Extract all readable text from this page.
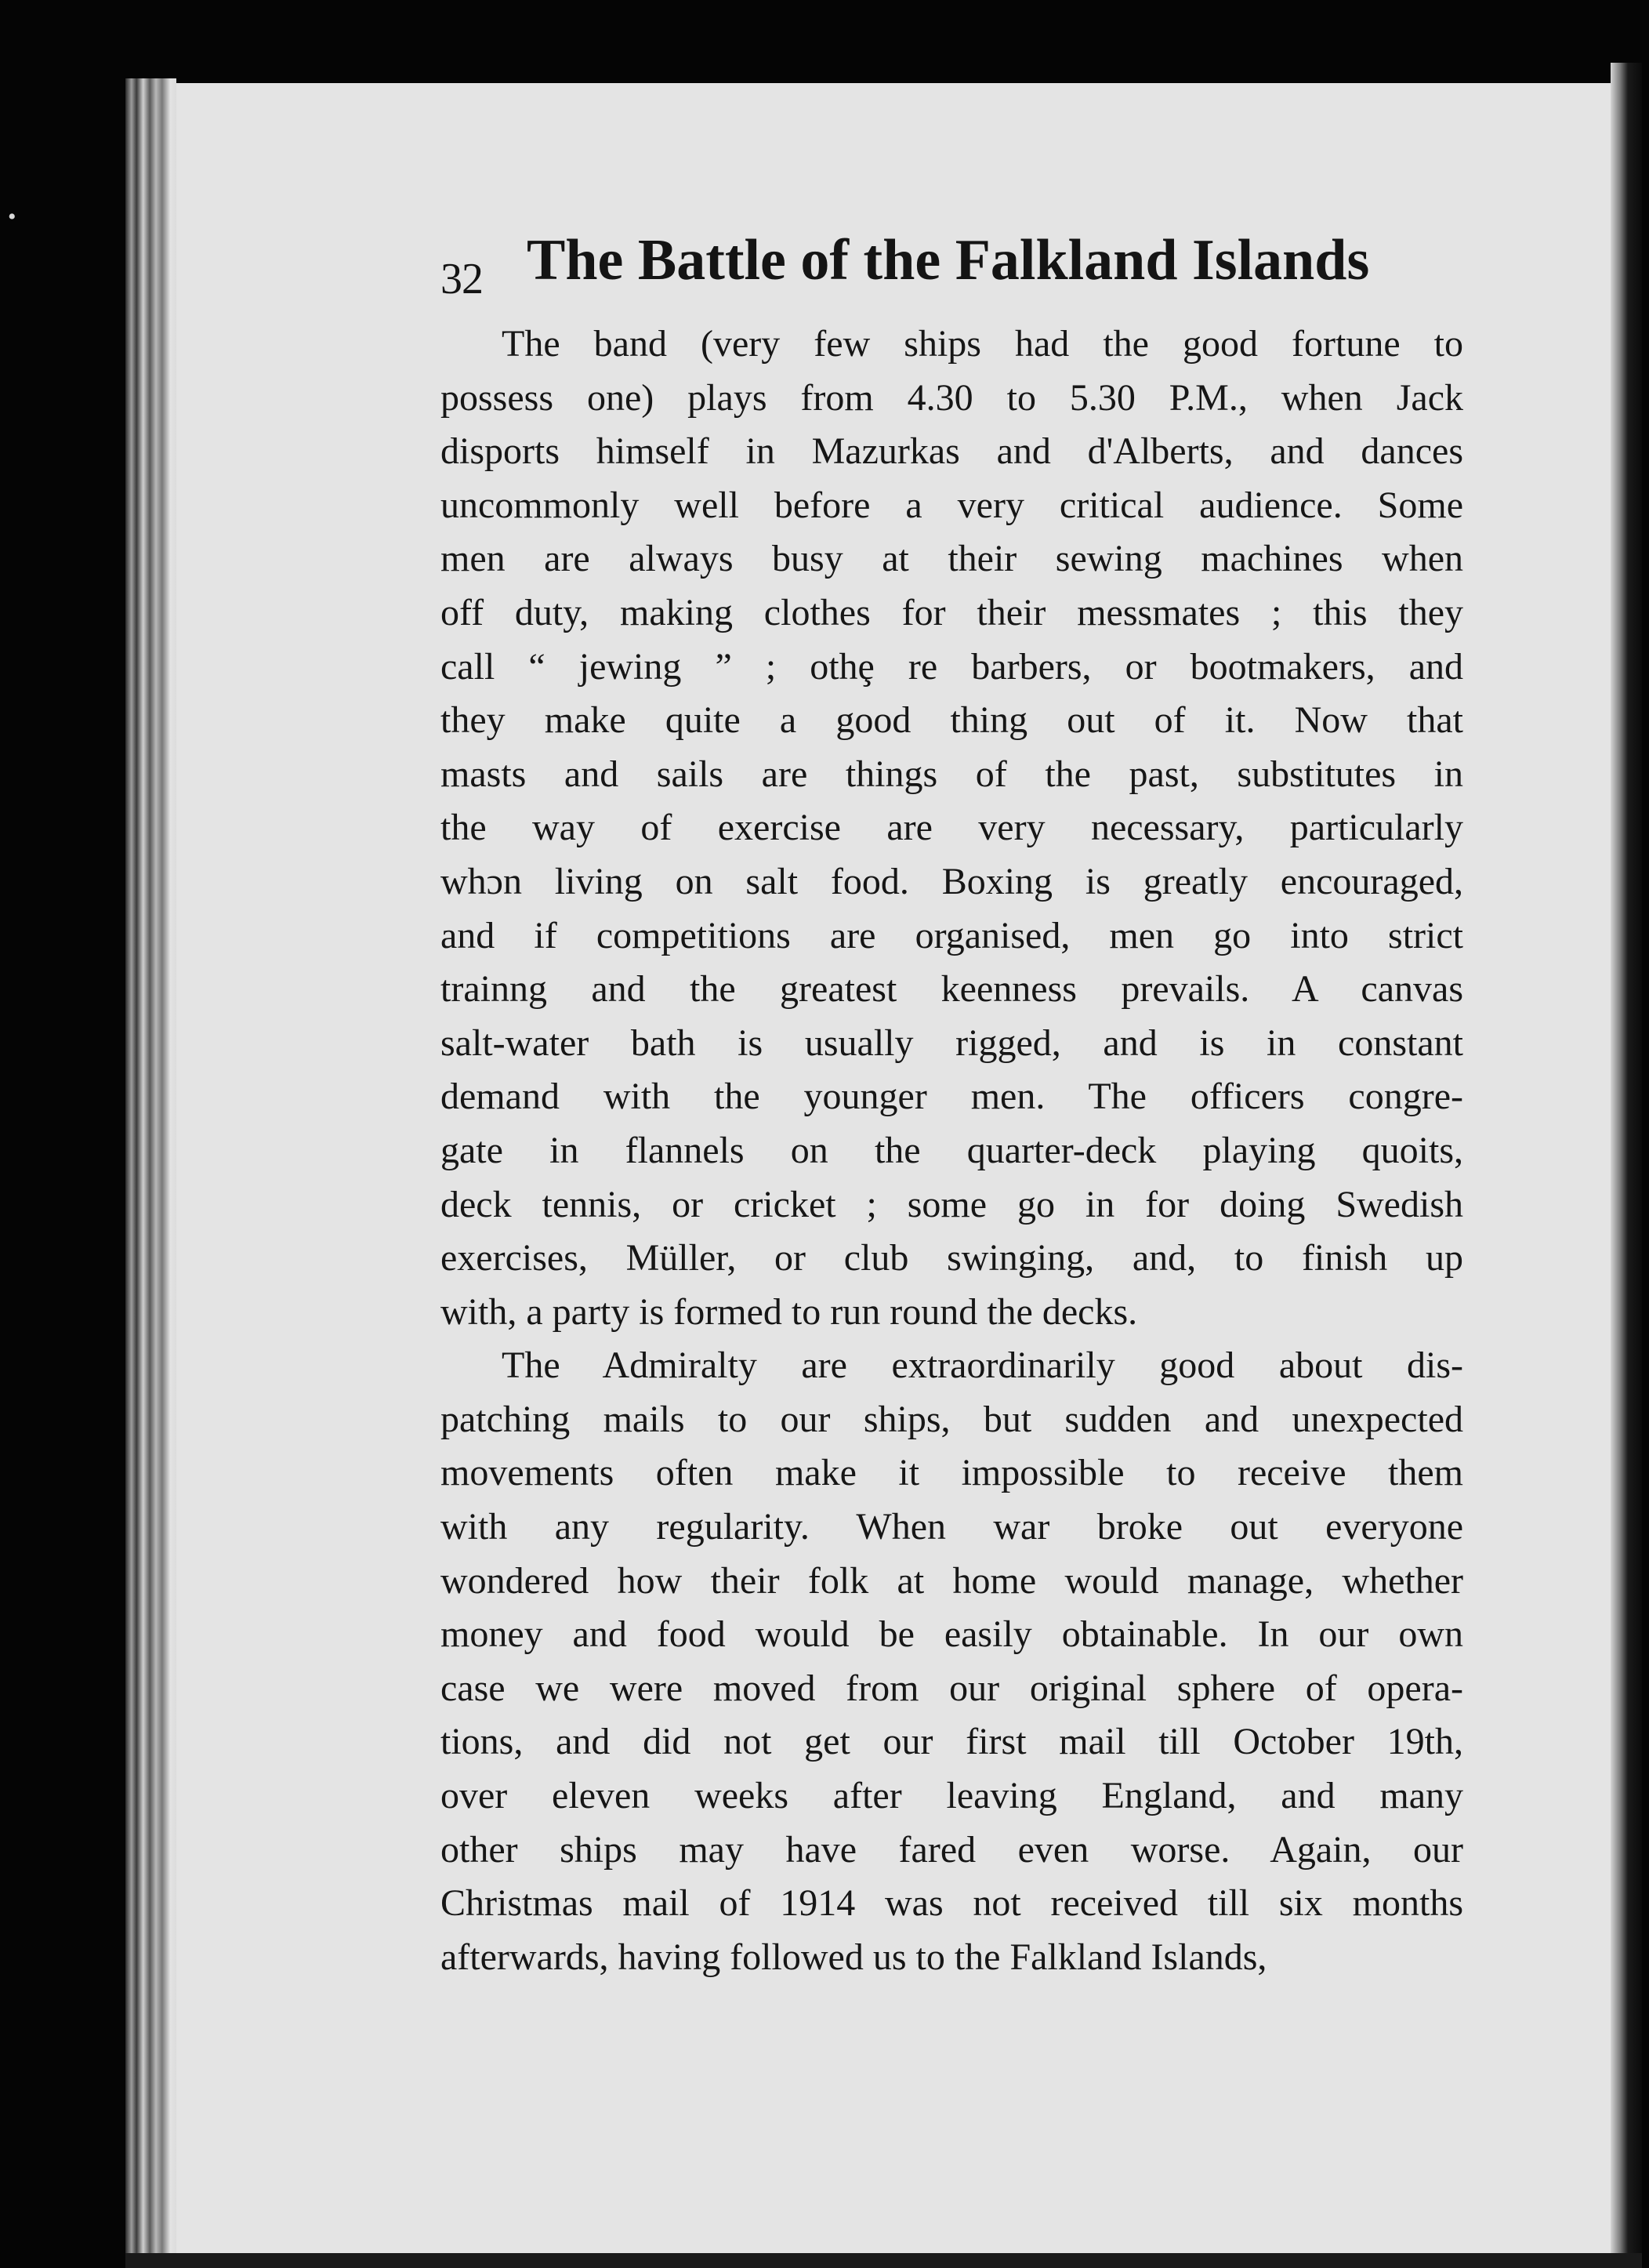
•
32 The Battle of the Falkland Islands
The band (very few ships had the good fortune to
possess one) plays from 4.30 to 5.30 P.M., when Jack
disports himself in Mazurkas and d'Alberts, and dances
uncommonly well before a very critical audience. Some
men are always busy at their sewing machines when
off duty, making clothes for their messmates ; this they
call “ jewing ” ; othȩ re barbers, or bootmakers, and
they make quite a good thing out of it. Now that
masts and sails are things of the past, substitutes in
the way of exercise are very necessary, particularly
whɔn living on salt food. Boxing is greatly encouraged,
and if competitions are organised, men go into strict
trainng and the greatest keenness prevails. A canvas
salt-water bath is usually rigged, and is in constant
demand with the younger men. The officers congre-
gate in flannels on the quarter-deck playing quoits,
deck tennis, or cricket ; some go in for doing Swedish
exercises, Müller, or club swinging, and, to finish up
with, a party is formed to run round the decks.
The Admiralty are extraordinarily good about dis-
patching mails to our ships, but sudden and unexpected
movements often make it impossible to receive them
with any regularity. When war broke out everyone
wondered how their folk at home would manage, whether
money and food would be easily obtainable. In our own
case we were moved from our original sphere of opera-
tions, and did not get our first mail till October 19th,
over eleven weeks after leaving England, and many
other ships may have fared even worse. Again, our
Christmas mail of 1914 was not received till six months
afterwards, having followed us to the Falkland Islands,
